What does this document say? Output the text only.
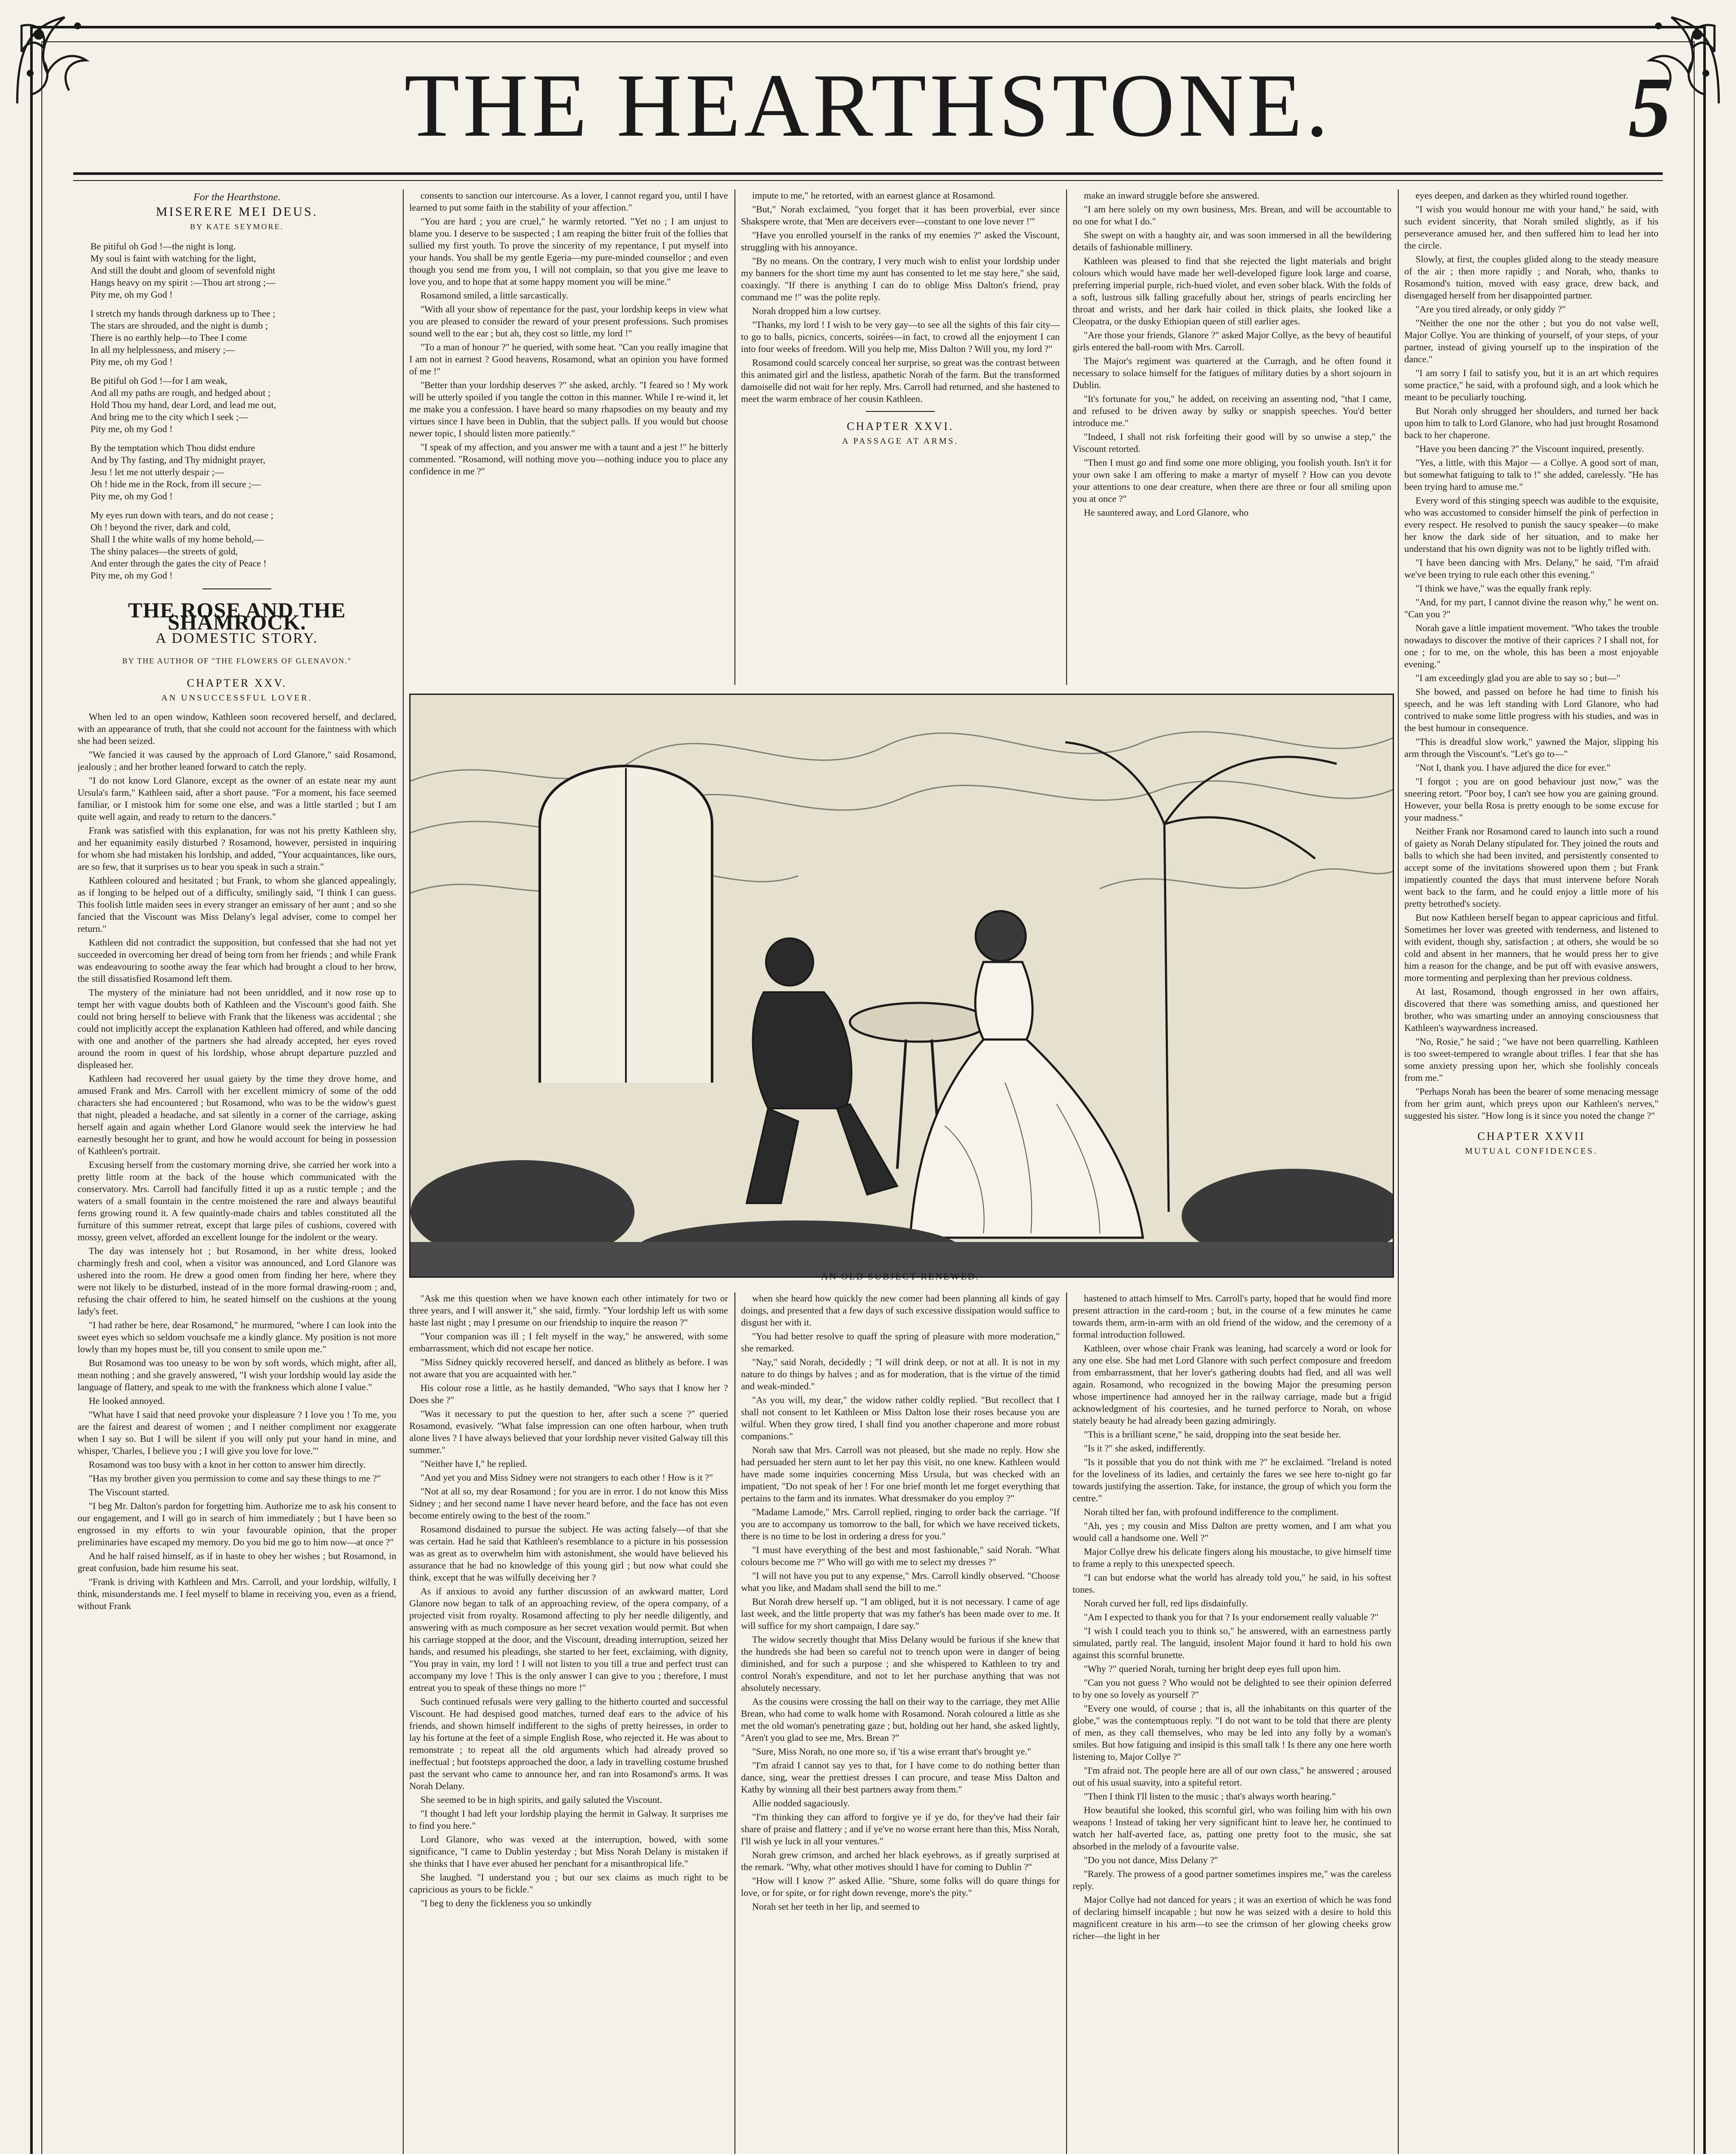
THE HEARTHSTONE.	5
For the Hearthstone.
MISERERE MEI DEUS.
BY KATE SEYMORE.
Be pitiful oh God !—the night is long.
My soul is faint with watching for the light,
And still the doubt and gloom of sevenfold night
Hangs heavy on my spirit :—Thou art strong ;—
Pity me, oh my God !
I stretch my hands through darkness up to Thee ;
The stars are shrouded, and the night is dumb ;
There is no earthly help—to Thee I come
In all my helplessness, and misery ;—
Pity me, oh my God !
Be pitiful oh God !—for I am weak,
And all my paths are rough, and hedged about ;
Hold Thou my hand, dear Lord, and lead me out,
And bring me to the city which I seek ;—
Pity me, oh my God !
By the temptation which Thou didst endure
And by Thy fasting, and Thy midnight prayer,
Jesu ! let me not utterly despair ;—
Oh ! hide me in the Rock, from ill secure ;—
Pity me, oh my God !
My eyes run down with tears, and do not cease ;
Oh ! beyond the river, dark and cold,
Shall I the white walls of my home behold,—
The shiny palaces—the streets of gold,
And enter through the gates the city of Peace !
Pity me, oh my God !
THE ROSE AND THE SHAMROCK.
A DOMESTIC STORY.
BY THE AUTHOR OF "THE FLOWERS OF GLENAVON."
CHAPTER XXV.
AN UNSUCCESSFUL LOVER.

When led to an open window, Kathleen soon recovered herself, and declared, with an appearance of truth, that she could not account for the faintness with which she had been seized.

"We fancied it was caused by the approach of Lord Glanore," said Rosamond, jealously ; and her brother leaned forward to catch the reply.

"I do not know Lord Glanore, except as the owner of an estate near my aunt Ursula's farm," Kathleen said, after a short pause. "For a moment, his face seemed familiar, or I mistook him for some one else, and was a little startled ; but I am quite well again, and ready to return to the dancers."

Frank was satisfied with this explanation, for was not his pretty Kathleen shy, and her equanimity easily disturbed ? Rosamond, however, persisted in inquiring for whom she had mistaken his lordship, and added, "Your acquaintances, like ours, are so few, that it surprises us to hear you speak in such a strain."

Kathleen coloured and hesitated ; but Frank, to whom she glanced appealingly, as if longing to be helped out of a difficulty, smilingly said, "I think I can guess. This foolish little maiden sees in every stranger an emissary of her aunt ; and so she fancied that the Viscount was Miss Delany's legal adviser, come to compel her return."

Kathleen did not contradict the supposition, but confessed that she had not yet succeeded in overcoming her dread of being torn from her friends ; and while Frank was endeavouring to soothe away the fear which had brought a cloud to her brow, the still dissatisfied Rosamond left them.

The mystery of the miniature had not been unriddled, and it now rose up to tempt her with vague doubts both of Kathleen and the Viscount's good faith. She could not bring herself to believe with Frank that the likeness was accidental ; she could not implicitly accept the explanation Kathleen had offered, and while dancing with one and another of the partners she had already accepted, her eyes roved around the room in quest of his lordship, whose abrupt departure puzzled and displeased her.

Kathleen had recovered her usual gaiety by the time they drove home, and amused Frank and Mrs. Carroll with her excellent mimicry of some of the odd characters she had encountered ; but Rosamond, who was to be the widow's guest that night, pleaded a headache, and sat silently in a corner of the carriage, asking herself again and again whether Lord Glanore would seek the interview he had earnestly besought her to grant, and how he would account for being in possession of Kathleen's portrait.

Excusing herself from the customary morning drive, she carried her work into a pretty little room at the back of the house which communicated with the conservatory. Mrs. Carroll had fancifully fitted it up as a rustic temple ; and the waters of a small fountain in the centre moistened the rare and always beautiful ferns growing round it. A few quaintly-made chairs and tables constituted all the furniture of this summer retreat, except that large piles of cushions, covered with mossy, green velvet, afforded an excellent lounge for the indolent or the weary.

The day was intensely hot ; but Rosamond, in her white dress, looked charmingly fresh and cool, when a visitor was announced, and Lord Glanore was ushered into the room. He drew a good omen from finding her here, where they were not likely to be disturbed, instead of in the more formal drawing-room ; and, refusing the chair offered to him, he seated himself on the cushions at the young lady's feet.

"I had rather be here, dear Rosamond," he murmured, "where I can look into the sweet eyes which so seldom vouchsafe me a kindly glance. My position is not more lowly than my hopes must be, till you consent to smile upon me."

But Rosamond was too uneasy to be won by soft words, which might, after all, mean nothing ; and she gravely answered, "I wish your lordship would lay aside the language of flattery, and speak to me with the frankness which alone I value."

He looked annoyed.

"What have I said that need provoke your displeasure ? I love you ! To me, you are the fairest and dearest of women ; and I neither compliment nor exaggerate when I say so. But I will be silent if you will only put your hand in mine, and whisper, 'Charles, I believe you ; I will give you love for love.'"

Rosamond was too busy with a knot in her cotton to answer him directly.

"Has my brother given you permission to come and say these things to me ?"

The Viscount started.

"I beg Mr. Dalton's pardon for forgetting him. Authorize me to ask his consent to our engagement, and I will go in search of him immediately ; but I have been so engrossed in my efforts to win your favourable opinion, that the proper preliminaries have escaped my memory. Do you bid me go to him now—at once ?"

And he half raised himself, as if in haste to obey her wishes ; but Rosamond, in great confusion, bade him resume his seat.

"Frank is driving with Kathleen and Mrs. Carroll, and your lordship, wilfully, I think, misunderstands me. I feel myself to blame in receiving you, even as a friend, without Frank

consents to sanction our intercourse. As a lover, I cannot regard you, until I have learned to put some faith in the stability of your affection."

"You are hard ; you are cruel," he warmly retorted. "Yet no ; I am unjust to blame you. I deserve to be suspected ; I am reaping the bitter fruit of the follies that sullied my first youth. To prove the sincerity of my repentance, I put myself into your hands. You shall be my gentle Egeria—my pure-minded counsellor ; and even though you send me from you, I will not complain, so that you give me leave to love you, and to hope that at some happy moment you will be mine."

Rosamond smiled, a little sarcastically.

"With all your show of repentance for the past, your lordship keeps in view what you are pleased to consider the reward of your present professions. Such promises sound well to the ear ; but ah, they cost so little, my lord !"

"To a man of honour ?" he queried, with some heat. "Can you really imagine that I am not in earnest ? Good heavens, Rosamond, what an opinion you have formed of me !"

"Better than your lordship deserves ?" she asked, archly. "I feared so ! My work will be utterly spoiled if you tangle the cotton in this manner. While I re-wind it, let me make you a confession. I have heard so many rhapsodies on my beauty and my virtues since I have been in Dublin, that the subject palls. If you would but choose newer topic, I should listen more patiently."

"I speak of my affection, and you answer me with a taunt and a jest !" he bitterly commented. "Rosamond, will nothing move you—nothing induce you to place any confidence in me ?"

impute to me," he retorted, with an earnest glance at Rosamond.

"But," Norah exclaimed, "you forget that it has been proverbial, ever since Shakspere wrote, that 'Men are deceivers ever—constant to one love never !'"

"Have you enrolled yourself in the ranks of my enemies ?" asked the Viscount, struggling with his annoyance.

"By no means. On the contrary, I very much wish to enlist your lordship under my banners for the short time my aunt has consented to let me stay here," she said, coaxingly. "If there is anything I can do to oblige Miss Dalton's friend, pray command me !" was the polite reply.

Norah dropped him a low curtsey.

"Thanks, my lord ! I wish to be very gay—to see all the sights of this fair city—to go to balls, picnics, concerts, soirées—in fact, to crowd all the enjoyment I can into four weeks of freedom. Will you help me, Miss Dalton ? Will you, my lord ?"

Rosamond could scarcely conceal her surprise, so great was the contrast between this animated girl and the listless, apathetic Norah of the farm. But the transformed damoiselle did not wait for her reply. Mrs. Carroll had returned, and she hastened to meet the warm embrace of her cousin Kathleen.

CHAPTER XXVI.
A PASSAGE AT ARMS.

make an inward struggle before she answered.

"I am here solely on my own business, Mrs. Brean, and will be accountable to no one for what I do."

She swept on with a haughty air, and was soon immersed in all the bewildering details of fashionable millinery.

Kathleen was pleased to find that she rejected the light materials and bright colours which would have made her well-developed figure look large and coarse, preferring imperial purple, rich-hued violet, and even sober black. With the folds of a soft, lustrous silk falling gracefully about her, strings of pearls encircling her throat and wrists, and her dark hair coiled in thick plaits, she looked like a Cleopatra, or the dusky Ethiopian queen of still earlier ages.

"Are those your friends, Glanore ?" asked Major Collye, as the bevy of beautiful girls entered the ball-room with Mrs. Carroll.

The Major's regiment was quartered at the Curragh, and he often found it necessary to solace himself for the fatigues of military duties by a short sojourn in Dublin.

"It's fortunate for you," he added, on receiving an assenting nod, "that I came, and refused to be driven away by sulky or snappish speeches. You'd better introduce me."

"Indeed, I shall not risk forfeiting their good will by so unwise a step," the Viscount retorted.

"Then I must go and find some one more obliging, you foolish youth. Isn't it for your own sake I am offering to make a martyr of myself ? How can you devote your attentions to one dear creature, when there are three or four all smiling upon you at once ?"

He sauntered away, and Lord Glanore, who

eyes deepen, and darken as they whirled round together.

"I wish you would honour me with your hand," he said, with such evident sincerity, that Norah smiled slightly, as if his perseverance amused her, and then suffered him to lead her into the circle.

Slowly, at first, the couples glided along to the steady measure of the air ; then more rapidly ; and Norah, who, thanks to Rosamond's tuition, moved with easy grace, drew back, and disengaged herself from her disappointed partner.

"Are you tired already, or only giddy ?"

"Neither the one nor the other ; but you do not valse well, Major Collye. You are thinking of yourself, of your steps, of your partner, instead of giving yourself up to the inspiration of the dance."

"I am sorry I fail to satisfy you, but it is an art which requires some practice," he said, with a profound sigh, and a look which he meant to be peculiarly touching.

But Norah only shrugged her shoulders, and turned her back upon him to talk to Lord Glanore, who had just brought Rosamond back to her chaperone.

"Have you been dancing ?" the Viscount inquired, presently.

"Yes, a little, with this Major — a Collye. A good sort of man, but somewhat fatiguing to talk to !" she added, carelessly. "He has been trying hard to amuse me."

Every word of this stinging speech was audible to the exquisite, who was accustomed to consider himself the pink of perfection in every respect. He resolved to punish the saucy speaker—to make her know the dark side of her situation, and to make her understand that his own dignity was not to be lightly trifled with.

"I have been dancing with Mrs. Delany," he said, "I'm afraid we've been trying to rule each other this evening."

"I think we have," was the equally frank reply.

"And, for my part, I cannot divine the reason why," he went on. "Can you ?"

Norah gave a little impatient movement. "Who takes the trouble nowadays to discover the motive of their caprices ? I shall not, for one ; for to me, on the whole, this has been a most enjoyable evening."

"I am exceedingly glad you are able to say so ; but—"

She bowed, and passed on before he had time to finish his speech, and he was left standing with Lord Glanore, who had contrived to make some little progress with his studies, and was in the best humour in consequence.

"This is dreadful slow work," yawned the Major, slipping his arm through the Viscount's. "Let's go to—"

"Not I, thank you. I have adjured the dice for ever."

"I forgot ; you are on good behaviour just now," was the sneering retort. "Poor boy, I can't see how you are gaining ground. However, your bella Rosa is pretty enough to be some excuse for your madness."

Neither Frank nor Rosamond cared to launch into such a round of gaiety as Norah Delany stipulated for. They joined the routs and balls to which she had been invited, and persistently consented to accept some of the invitations showered upon them ; but Frank impatiently counted the days that must intervene before Norah went back to the farm, and he could enjoy a little more of his pretty betrothed's society.

But now Kathleen herself began to appear capricious and fitful. Sometimes her lover was greeted with tenderness, and listened to with evident, though shy, satisfaction ; at others, she would be so cold and absent in her manners, that he would press her to give him a reason for the change, and be put off with evasive answers, more tormenting and perplexing than her previous coldness.

At last, Rosamond, though engrossed in her own affairs, discovered that there was something amiss, and questioned her brother, who was smarting under an annoying consciousness that Kathleen's waywardness increased.

"No, Rosie," he said ; "we have not been quarrelling. Kathleen is too sweet-tempered to wrangle about trifles. I fear that she has some anxiety pressing upon her, which she foolishly conceals from me."

"Perhaps Norah has been the bearer of some menacing message from her grim aunt, which preys upon our Kathleen's nerves," suggested his sister. "How long is it since you noted the change ?"

CHAPTER XXVII
MUTUAL CONFIDENCES.
AN OLD SUBJECT RENEWED.

"Ask me this question when we have known each other intimately for two or three years, and I will answer it," she said, firmly. "Your lordship left us with some haste last night ; may I presume on our friendship to inquire the reason ?"

"Your companion was ill ; I felt myself in the way," he answered, with some embarrassment, which did not escape her notice.

"Miss Sidney quickly recovered herself, and danced as blithely as before. I was not aware that you are acquainted with her."

His colour rose a little, as he hastily demanded, "Who says that I know her ? Does she ?"

"Was it necessary to put the question to her, after such a scene ?" queried Rosamond, evasively. "What false impression can one often harbour, when truth alone lives ? I have always believed that your lordship never visited Galway till this summer."

"Neither have I," he replied.

"And yet you and Miss Sidney were not strangers to each other ! How is it ?"

"Not at all so, my dear Rosamond ; for you are in error. I do not know this Miss Sidney ; and her second name I have never heard before, and the face has not even become entirely owing to the best of the room."

Rosamond disdained to pursue the subject. He was acting falsely—of that she was certain. Had he said that Kathleen's resemblance to a picture in his possession was as great as to overwhelm him with astonishment, she would have believed his assurance that he had no knowledge of this young girl ; but now what could she think, except that he was wilfully deceiving her ?

As if anxious to avoid any further discussion of an awkward matter, Lord Glanore now began to talk of an approaching review, of the opera company, of a projected visit from royalty. Rosamond affecting to ply her needle diligently, and answering with as much composure as her secret vexation would permit. But when his carriage stopped at the door, and the Viscount, dreading interruption, seized her hands, and resumed his pleadings, she started to her feet, exclaiming, with dignity, "You pray in vain, my lord ! I will not listen to you till a true and perfect trust can accompany my love ! This is the only answer I can give to you ; therefore, I must entreat you to speak of these things no more !"

Such continued refusals were very galling to the hitherto courted and successful Viscount. He had despised good matches, turned deaf ears to the advice of his friends, and shown himself indifferent to the sighs of pretty heiresses, in order to lay his fortune at the feet of a simple English Rose, who rejected it. He was about to remonstrate ; to repeat all the old arguments which had already proved so ineffectual ; but footsteps approached the door, a lady in travelling costume brushed past the servant who came to announce her, and ran into Rosamond's arms. It was Norah Delany.

She seemed to be in high spirits, and gaily saluted the Viscount.

"I thought I had left your lordship playing the hermit in Galway. It surprises me to find you here."

Lord Glanore, who was vexed at the interruption, bowed, with some significance, "I came to Dublin yesterday ; but Miss Norah Delany is mistaken if she thinks that I have ever abused her penchant for a misanthropical life."

She laughed. "I understand you ; but our sex claims as much right to be capricious as yours to be fickle."

"I beg to deny the fickleness you so unkindly

when she heard how quickly the new comer had been planning all kinds of gay doings, and presented that a few days of such excessive dissipation would suffice to disgust her with it.

"You had better resolve to quaff the spring of pleasure with more moderation," she remarked.

"Nay," said Norah, decidedly ; "I will drink deep, or not at all. It is not in my nature to do things by halves ; and as for moderation, that is the virtue of the timid and weak-minded."

"As you will, my dear," the widow rather coldly replied. "But recollect that I shall not consent to let Kathleen or Miss Dalton lose their roses because you are wilful. When they grow tired, I shall find you another chaperone and more robust companions."

Norah saw that Mrs. Carroll was not pleased, but she made no reply. How she had persuaded her stern aunt to let her pay this visit, no one knew. Kathleen would have made some inquiries concerning Miss Ursula, but was checked with an impatient, "Do not speak of her ! For one brief month let me forget everything that pertains to the farm and its inmates. What dressmaker do you employ ?"

"Madame Lamode," Mrs. Carroll replied, ringing to order back the carriage. "If you are to accompany us tomorrow to the ball, for which we have received tickets, there is no time to be lost in ordering a dress for you."

"I must have everything of the best and most fashionable," said Norah. "What colours become me ?" Who will go with me to select my dresses ?"

"I will not have you put to any expense," Mrs. Carroll kindly observed. "Choose what you like, and Madam shall send the bill to me."

But Norah drew herself up. "I am obliged, but it is not necessary. I came of age last week, and the little property that was my father's has been made over to me. It will suffice for my short campaign, I dare say."

The widow secretly thought that Miss Delany would be furious if she knew that the hundreds she had been so careful not to trench upon were in danger of being diminished, and for such a purpose ; and she whispered to Kathleen to try and control Norah's expenditure, and not to let her purchase anything that was not absolutely necessary.

As the cousins were crossing the hall on their way to the carriage, they met Allie Brean, who had come to walk home with Rosamond. Norah coloured a little as she met the old woman's penetrating gaze ; but, holding out her hand, she asked lightly, "Aren't you glad to see me, Mrs. Brean ?"

"Sure, Miss Norah, no one more so, if 'tis a wise errant that's brought ye."

"I'm afraid I cannot say yes to that, for I have come to do nothing better than dance, sing, wear the prettiest dresses I can procure, and tease Miss Dalton and Kathy by winning all their best partners away from them."

Allie nodded sagaciously.

"I'm thinking they can afford to forgive ye if ye do, for they've had their fair share of praise and flattery ; and if ye've no worse errant here than this, Miss Norah, I'll wish ye luck in all your ventures."

Norah grew crimson, and arched her black eyebrows, as if greatly surprised at the remark. "Why, what other motives should I have for coming to Dublin ?"

"How will I know ?" asked Allie. "Shure, some folks will do quare things for love, or for spite, or for right down revenge, more's the pity."

Norah set her teeth in her lip, and seemed to

hastened to attach himself to Mrs. Carroll's party, hoped that he would find more present attraction in the card-room ; but, in the course of a few minutes he came towards them, arm-in-arm with an old friend of the widow, and the ceremony of a formal introduction followed.

Kathleen, over whose chair Frank was leaning, had scarcely a word or look for any one else. She had met Lord Glanore with such perfect composure and freedom from embarrassment, that her lover's gathering doubts had fled, and all was well again. Rosamond, who recognized in the bowing Major the presuming person whose impertinence had annoyed her in the railway carriage, made but a frigid acknowledgment of his courtesies, and he turned perforce to Norah, on whose stately beauty he had already been gazing admiringly.

"This is a brilliant scene," he said, dropping into the seat beside her.

"Is it ?" she asked, indifferently.

"Is it possible that you do not think with me ?" he exclaimed. "Ireland is noted for the loveliness of its ladies, and certainly the fares we see here to-night go far towards justifying the assertion. Take, for instance, the group of which you form the centre."

Norah tilted her fan, with profound indifference to the compliment.

"Ah, yes ; my cousin and Miss Dalton are pretty women, and I am what you would call a handsome one. Well ?"

Major Collye drew his delicate fingers along his moustache, to give himself time to frame a reply to this unexpected speech.

"I can but endorse what the world has already told you," he said, in his softest tones.

Norah curved her full, red lips disdainfully.

"Am I expected to thank you for that ? Is your endorsement really valuable ?"

"I wish I could teach you to think so," he answered, with an earnestness partly simulated, partly real. The languid, insolent Major found it hard to hold his own against this scornful brunette.

"Why ?" queried Norah, turning her bright deep eyes full upon him.

"Can you not guess ? Who would not be delighted to see their opinion deferred to by one so lovely as yourself ?"

"Every one would, of course ; that is, all the inhabitants on this quarter of the globe," was the contemptuous reply. "I do not want to be told that there are plenty of men, as they call themselves, who may be led into any folly by a woman's smiles. But how fatiguing and insipid is this small talk ! Is there any one here worth listening to, Major Collye ?"

"I'm afraid not. The people here are all of our own class," he answered ; aroused out of his usual suavity, into a spiteful retort.

"Then I think I'll listen to the music ; that's always worth hearing."

How beautiful she looked, this scornful girl, who was foiling him with his own weapons ! Instead of taking her very significant hint to leave her, he continued to watch her half-averted face, as, patting one pretty foot to the music, she sat absorbed in the melody of a favourite valse.

"Do you not dance, Miss Delany ?"

"Rarely. The prowess of a good partner sometimes inspires me," was the careless reply.

Major Collye had not danced for years ; it was an exertion of which he was fond of declaring himself incapable ; but now he was seized with a desire to hold this magnificent creature in his arm—to see the crimson of her glowing cheeks grow richer—the light in her
